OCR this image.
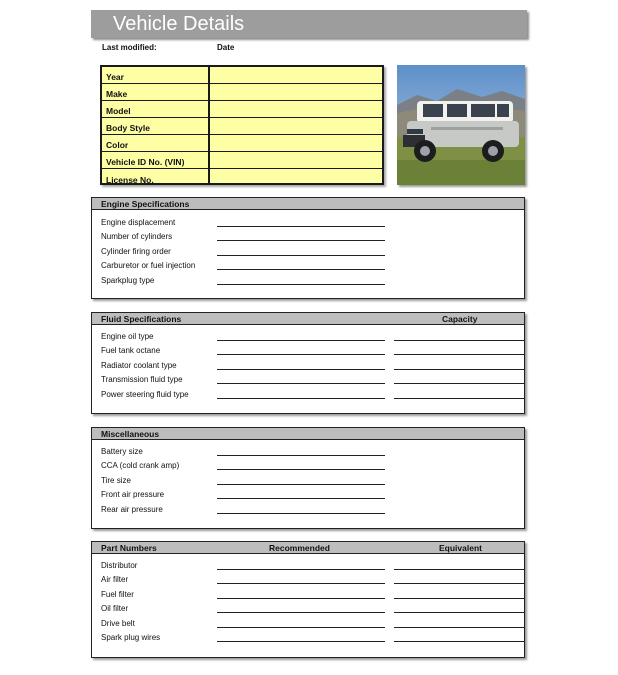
Vehicle Details
Last modified:	Date
Year
Make
Model
Body Style
Color
Vehicle ID No. (VIN)
License No.
Engine Specifications
Engine displacement
Number of cylinders
Cylinder firing order
Carburetor or fuel injection
Sparkplug type
Fluid Specifications	Capacity
Engine oil type
Fuel tank octane
Radiator coolant type
Transmission fluid type
Power steering fluid type
Miscellaneous
Battery size
CCA (cold crank amp)
Tire size
Front air pressure
Rear air pressure
Part Numbers	Recommended	Equivalent
Distributor
Air filter
Fuel filter
Oil filter
Drive belt
Spark plug wires
